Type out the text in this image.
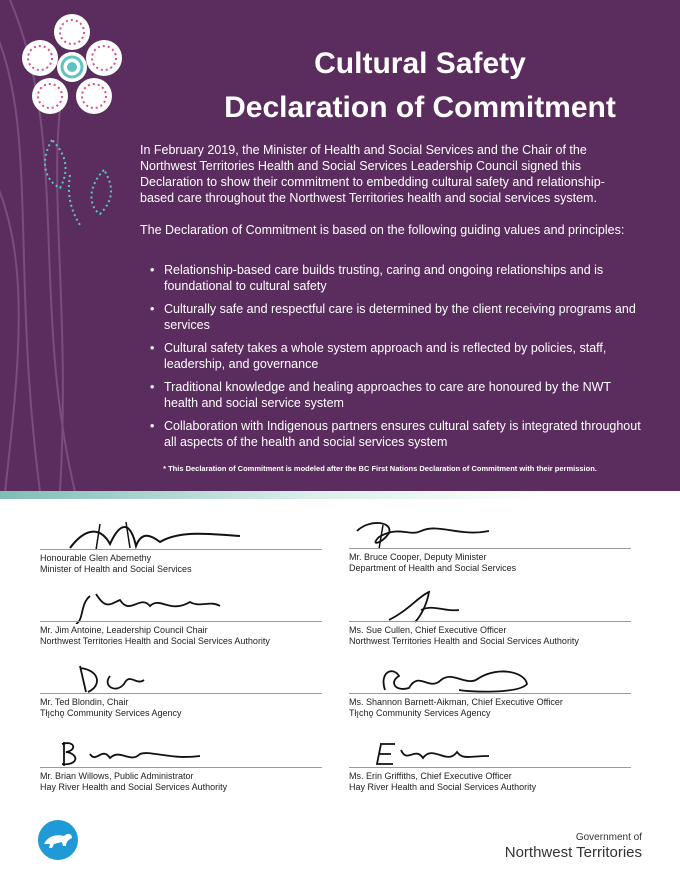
Cultural Safety
Declaration of Commitment

In February 2019, the Minister of Health and Social Services and the Chair of the Northwest Territories Health and Social Services Leadership Council signed this Declaration to show their commitment to embedding cultural safety and relationship-based care throughout the Northwest Territories health and social services system.

The Declaration of Commitment is based on the following guiding values and principles:

• Relationship-based care builds trusting, caring and ongoing relationships and is foundational to cultural safety
• Culturally safe and respectful care is determined by the client receiving programs and services
• Cultural safety takes a whole system approach and is reflected by policies, staff, leadership, and governance
• Traditional knowledge and healing approaches to care are honoured by the NWT health and social service system
• Collaboration with Indigenous partners ensures cultural safety is integrated throughout all aspects of the health and social services system
* This Declaration of Commitment is modeled after the BC First Nations Declaration of Commitment with their permission.
Honourable Glen Abernethy
Minister of Health and Social Services
Mr. Bruce Cooper, Deputy Minister
Department of Health and Social Services
Mr. Jim Antoine, Leadership Council Chair
Northwest Territories Health and Social Services Authority
Ms. Sue Cullen, Chief Executive Officer
Northwest Territories Health and Social Services Authority
Mr. Ted Blondin, Chair
Tłı̨chǫ Community Services Agency
Ms. Shannon Barnett-Aikman, Chief Executive Officer
Tłı̨chǫ Community Services Agency
Mr. Brian Willows, Public Administrator
Hay River Health and Social Services Authority
Ms. Erin Griffiths, Chief Executive Officer
Hay River Health and Social Services Authority
Government of
Northwest Territories
